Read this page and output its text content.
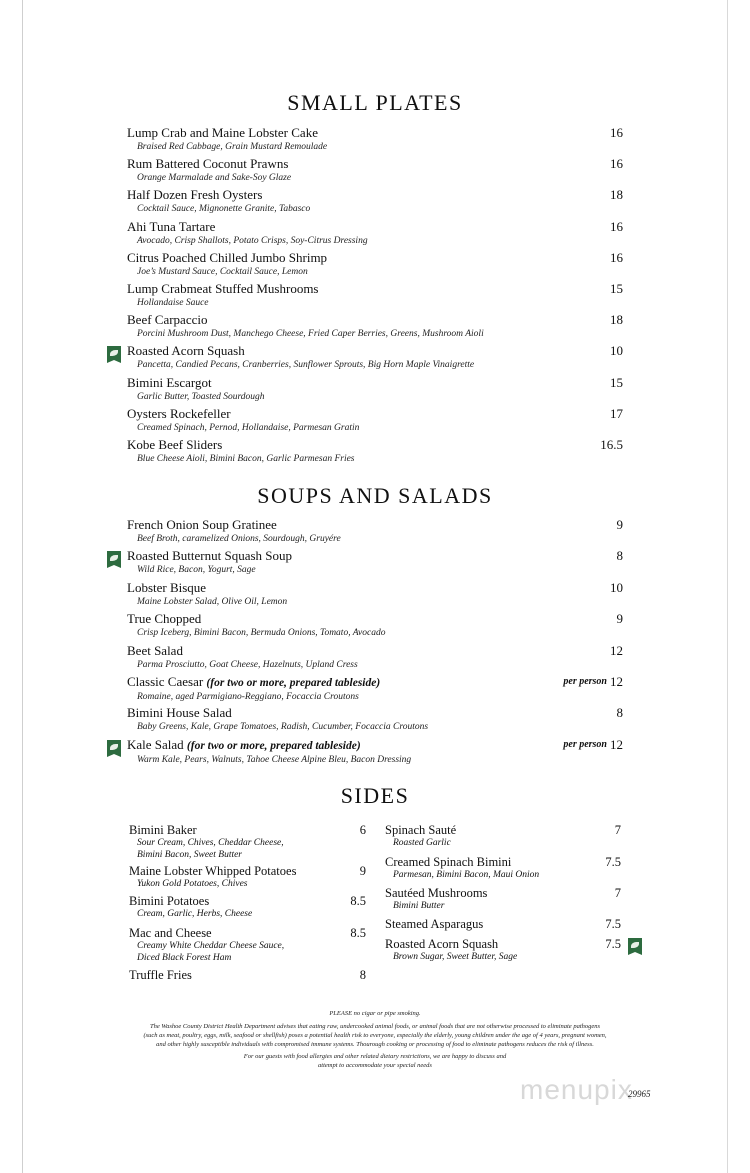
SMALL PLATES
Lump Crab and Maine Lobster Cake
Braised Red Cabbage, Grain Mustard Remoulade
16
Rum Battered Coconut Prawns
Orange Marmalade and Sake-Soy Glaze
16
Half Dozen Fresh Oysters
Cocktail Sauce, Mignonette Granite, Tabasco
18
Ahi Tuna Tartare
Avocado, Crisp Shallots, Potato Crisps, Soy-Citrus Dressing
16
Citrus Poached Chilled Jumbo Shrimp
Joe’s Mustard Sauce, Cocktail Sauce, Lemon
16
Lump Crabmeat Stuffed Mushrooms
Hollandaise Sauce
15
Beef Carpaccio
Porcini Mushroom Dust, Manchego Cheese, Fried Caper Berries, Greens, Mushroom Aioli
18
Roasted Acorn Squash
Pancetta, Candied Pecans, Cranberries, Sunflower Sprouts, Big Horn Maple Vinaigrette
10
Bimini Escargot
Garlic Butter, Toasted Sourdough
15
Oysters Rockefeller
Creamed Spinach, Pernod, Hollandaise, Parmesan Gratin
17
Kobe Beef Sliders
Blue Cheese Aioli, Bimini Bacon, Garlic Parmesan Fries
16.5
SOUPS AND SALADS
French Onion Soup Gratinee
Beef Broth, caramelized Onions, Sourdough, Gruyére
9
Roasted Butternut Squash Soup
Wild Rice, Bacon, Yogurt, Sage
8
Lobster Bisque
Maine Lobster Salad, Olive Oil, Lemon
10
True Chopped
Crisp Iceberg, Bimini Bacon, Bermuda Onions, Tomato, Avocado
9
Beet Salad
Parma Prosciutto, Goat Cheese, Hazelnuts, Upland Cress
12
Classic Caesar (for two or more, prepared tableside)
Romaine, aged Parmigiano-Reggiano, Focaccia Croutons
per person 12
Bimini House Salad
Baby Greens, Kale, Grape Tomatoes, Radish, Cucumber, Focaccia Croutons
8
Kale Salad (for two or more, prepared tableside)
Warm Kale, Pears, Walnuts, Tahoe Cheese Alpine Bleu, Bacon Dressing
per person 12
SIDES
Bimini Baker
Sour Cream, Chives, Cheddar Cheese,
Bimini Bacon, Sweet Butter
6
Maine Lobster Whipped Potatoes
Yukon Gold Potatoes, Chives
9
Bimini Potatoes
Cream, Garlic, Herbs, Cheese
8.5
Mac and Cheese
Creamy White Cheddar Cheese Sauce,
Diced Black Forest Ham
8.5
Truffle Fries	8
Spinach Sauté
Roasted Garlic
7
Creamed Spinach Bimini
Parmesan, Bimini Bacon, Maui Onion
7.5
Sautéed Mushrooms
Bimini Butter
7
Steamed Asparagus	7.5
Roasted Acorn Squash
Brown Sugar, Sweet Butter, Sage
7.5
PLEASE no cigar or pipe smoking.
The Washoe County District Health Department advises that eating raw, undercooked animal foods, or animal foods that are not otherwise processed to eliminate pathogens
(such as meat, poultry, eggs, milk, seafood or shellfish) poses a potential health risk to everyone, especially the elderly, young children under the age of 4 years, pregnant women,
and other highly susceptible individuals with compromised immune systems. Thourough cooking or processing of food to eliminate pathogens reduces the risk of illness.
For our guests with food allergies and other related dietary restrictions, we are happy to discuss and
attempt to accommodate your special needs
menupix
29965
